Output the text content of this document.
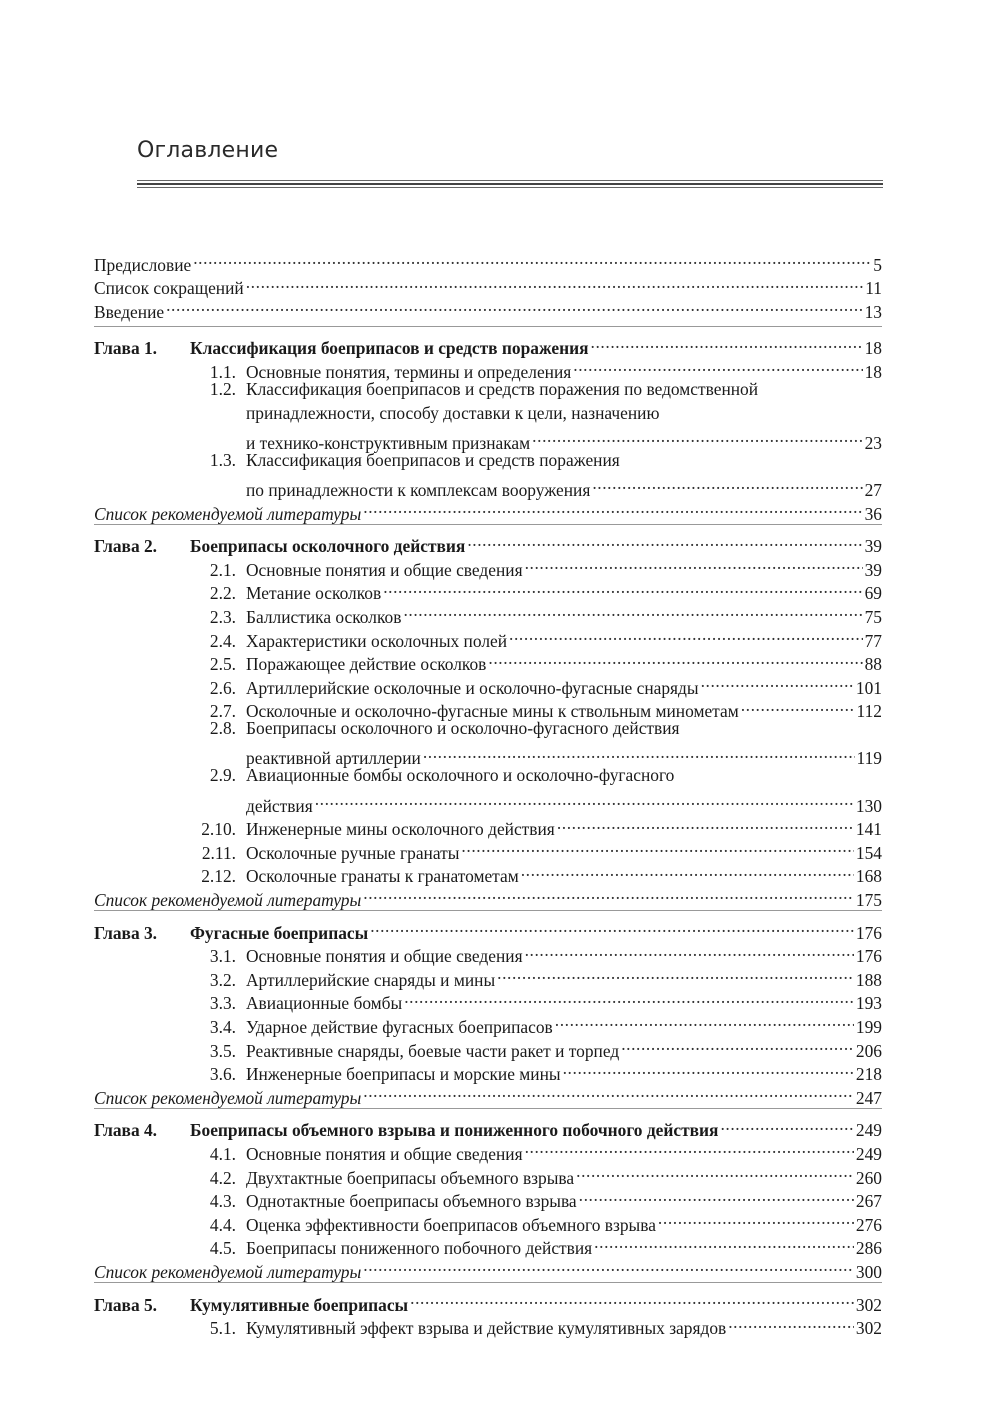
Оглавление
Предисловие .....	5
Список сокращений .....	11
Введение .....	13
Глава 1.	Классификация боеприпасов и средств поражения .....	18
1.1. Основные понятия, термины и определения .....	18
1.2. Классификация боеприпасов и средств поражения по ведомственной
принадлежности, способу доставки к цели, назначению
и технико-конструктивным признакам .....	23
1.3. Классификация боеприпасов и средств поражения
по принадлежности к комплексам вооружения .....	27
Список рекомендуемой литературы .....	36
Глава 2.	Боеприпасы осколочного действия .....	39
2.1. Основные понятия и общие сведения .....	39
2.2. Метание осколков .....	69
2.3. Баллистика осколков .....	75
2.4. Характеристики осколочных полей .....	77
2.5. Поражающее действие осколков .....	88
2.6. Артиллерийские осколочные и осколочно-фугасные снаряды .....	101
2.7. Осколочные и осколочно-фугасные мины к ствольным минометам .....	112
2.8. Боеприпасы осколочного и осколочно-фугасного действия
реактивной артиллерии .....	119
2.9. Авиационные бомбы осколочного и осколочно-фугасного
действия .....	130
2.10. Инженерные мины осколочного действия .....	141
2.11. Осколочные ручные гранаты .....	154
2.12. Осколочные гранаты к гранатометам .....	168
Список рекомендуемой литературы .....	175
Глава 3.	Фугасные боеприпасы .....	176
3.1. Основные понятия и общие сведения .....	176
3.2. Артиллерийские снаряды и мины .....	188
3.3. Авиационные бомбы .....	193
3.4. Ударное действие фугасных боеприпасов .....	199
3.5. Реактивные снаряды, боевые части ракет и торпед .....	206
3.6. Инженерные боеприпасы и морские мины .....	218
Список рекомендуемой литературы .....	247
Глава 4.	Боеприпасы объемного взрыва и пониженного побочного действия .....	249
4.1. Основные понятия и общие сведения .....	249
4.2. Двухтактные боеприпасы объемного взрыва .....	260
4.3. Однотактные боеприпасы объемного взрыва .....	267
4.4. Оценка эффективности боеприпасов объемного взрыва .....	276
4.5. Боеприпасы пониженного побочного действия .....	286
Список рекомендуемой литературы .....	300
Глава 5.	Кумулятивные боеприпасы .....	302
5.1. Кумулятивный эффект взрыва и действие кумулятивных зарядов .....	302
